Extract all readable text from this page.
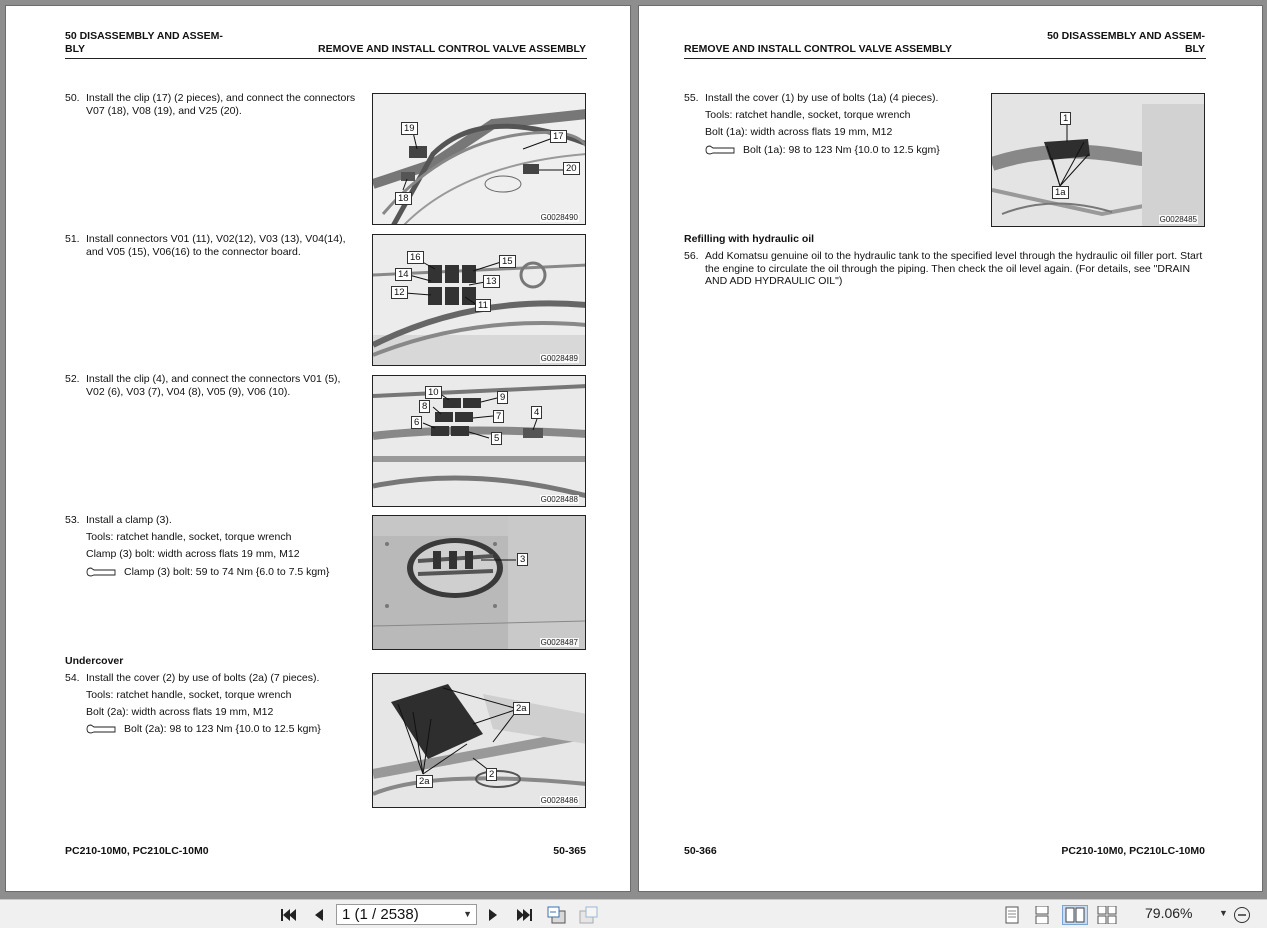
50 DISASSEMBLY AND ASSEM-
BLY	REMOVE AND INSTALL CONTROL VALVE ASSEMBLY
50. Install the clip (17) (2 pieces), and connect the connectors
V07 (18), V08 (19), and V25 (20).
19
17
20
18
G0028490
51. Install connectors V01 (11), V02(12), V03 (13), V04(14),
and V05 (15), V06(16) to the connector board.	16	15
14
13
12
11
G0028489
52. Install the clip (4), and connect the connectors V01 (5),
V02 (6), V03 (7), V04 (8), V05 (9), V06 (10).	10	9
8
4
7
6
5
G0028488
53. Install a clamp (3).
Tools: ratchet handle, socket, torque wrench
Clamp (3) bolt: width across flats 19 mm, M12
Clamp (3) bolt: 59 to 74 Nm {6.0 to 7.5 kgm}
3
G0028487
Undercover
54. Install the cover (2) by use of bolts (2a) (7 pieces).
Tools: ratchet handle, socket, torque wrench
Bolt (2a): width across flats 19 mm, M12
Bolt (2a): 98 to 123 Nm {10.0 to 12.5 kgm}
2a
2
2a
G0028486
PC210-10M0, PC210LC-10M0	50-365
REMOVE AND INSTALL CONTROL VALVE ASSEMBLY
50 DISASSEMBLY AND ASSEM-
BLY
55. Install the cover (1) by use of bolts (1a) (4 pieces).
Tools: ratchet handle, socket, torque wrench
Bolt (1a): width across flats 19 mm, M12
Bolt (1a): 98 to 123 Nm {10.0 to 12.5 kgm}
1
1a
G0028485
Refilling with hydraulic oil
56. Add Komatsu genuine oil to the hydraulic tank to the specified level through the hydraulic oil filler port. Start
the engine to circulate the oil through the piping. Then check the oil level again. (For details, see "DRAIN
AND ADD HYDRAULIC OIL")
50-366	PC210-10M0, PC210LC-10M0
1 (1 / 2538)	▼	79.06%	▼
